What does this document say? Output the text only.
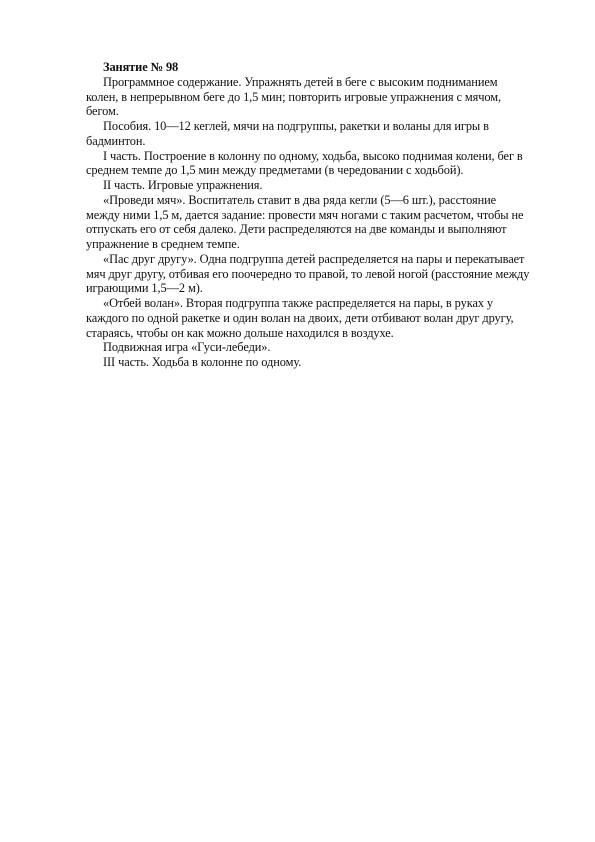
Занятие № 98

Программное содержание. Упражнять детей в беге с высоким подниманием колен, в непрерывном беге до 1,5 мин; повторить игровые упражнения с мячом, бегом.

Пособия. 10—12 кеглей, мячи на подгруппы, ракетки и воланы для игры в бадминтон.

I часть. Построение в колонну по одному, ходьба, высоко поднимая колени, бег в среднем темпе до 1,5 мин между предметами (в чередовании с ходьбой).

II часть. Игровые упражнения.

«Проведи мяч». Воспитатель ставит в два ряда кегли (5—6 шт.), расстояние между ними 1,5 м, дается задание: провести мяч ногами с таким расчетом, чтобы не отпускать его от себя далеко. Дети распределяются на две команды и выполняют упражнение в среднем темпе.

«Пас друг другу». Одна подгруппа детей распределяется на пары и перекатывает мяч друг другу, отбивая его поочередно то правой, то левой ногой (расстояние между играющими 1,5—2 м).

«Отбей волан». Вторая подгруппа также распределяется на пары, в руках у каждого по одной ракетке и один волан на двоих, дети отбивают волан друг другу, стараясь, чтобы он как можно дольше находился в воздухе.

Подвижная игра «Гуси-лебеди».

III часть. Ходьба в колонне по одному.
